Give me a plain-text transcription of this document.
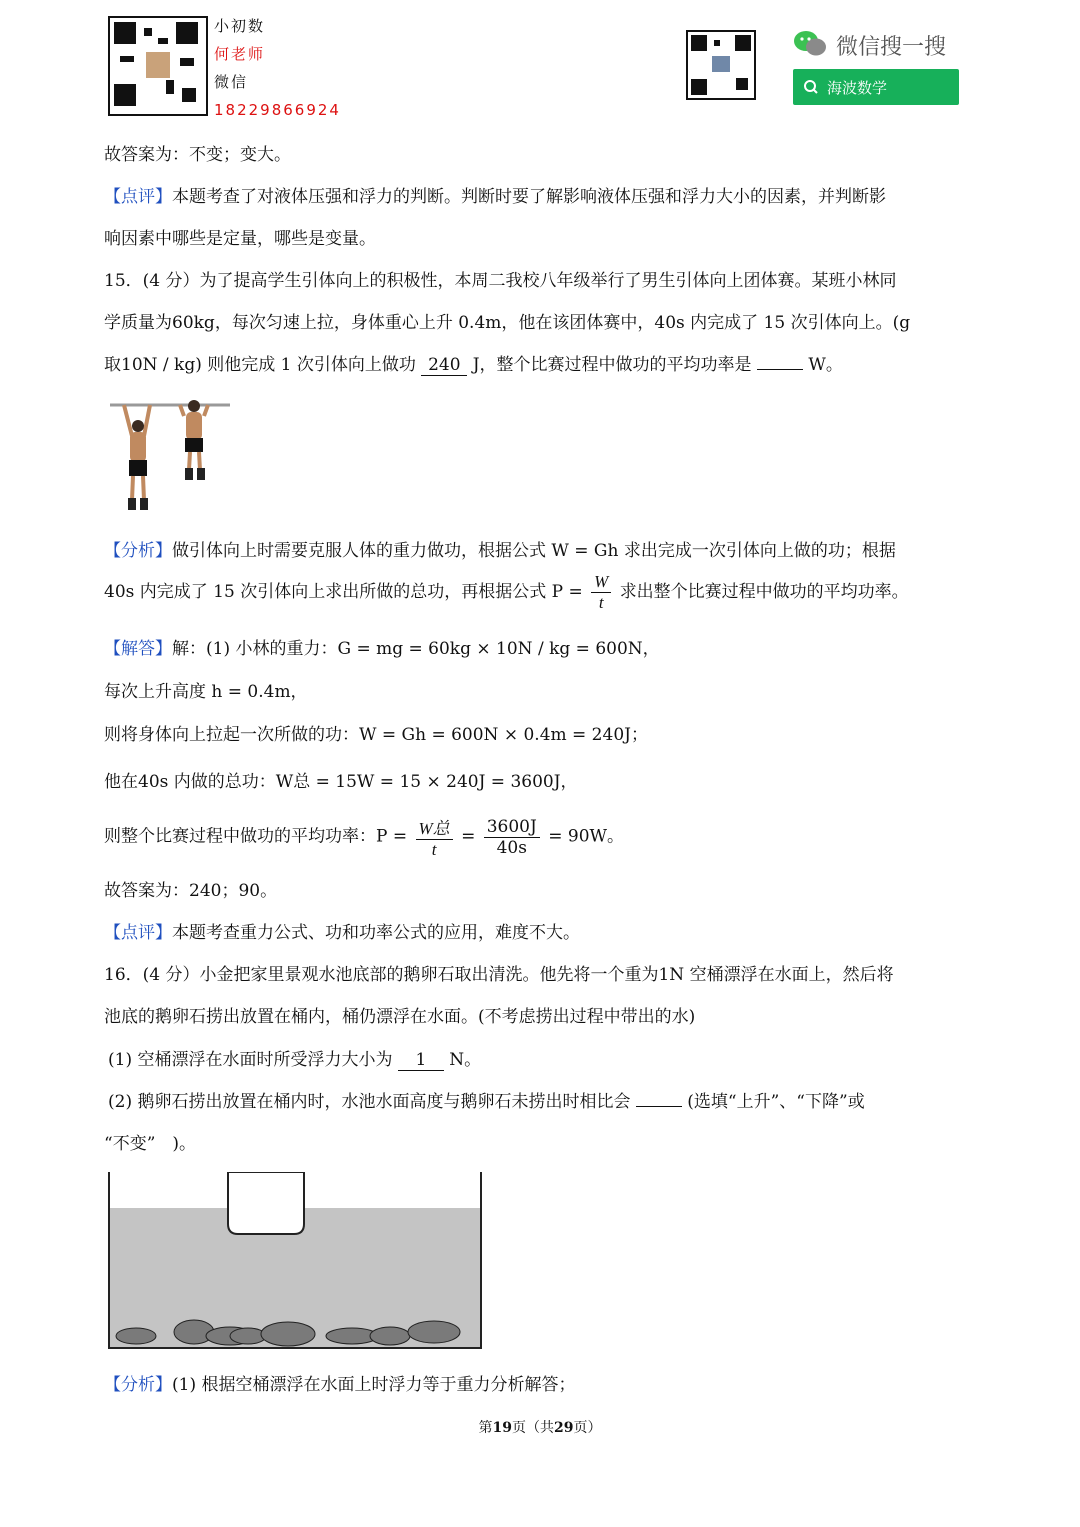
小初数
何老师
微信
18229866924
微信搜一搜
海波数学
故答案为：不变；变大。
【点评】本题考查了对液体压强和浮力的判断。判断时要了解影响液体压强和浮力大小的因素，并判断影
响因素中哪些是定量，哪些是变量。
15．(4 分）为了提高学生引体向上的积极性，本周二我校八年级举行了男生引体向上团体赛。某班小林同
学质量为60kg，每次匀速上拉，身体重心上升 0.4m，他在该团体赛中，40s 内完成了 15 次引体向上。(g
取10N / kg) 则他完成 1 次引体向上做功 240 J，整个比赛过程中做功的平均功率是	W。
【分析】做引体向上时需要克服人体的重力做功，根据公式 W = Gh 求出完成一次引体向上做的功；根据
40s 内完成了 15 次引体向上求出所做的总功，再根据公式 $P = \frac{W}{t}$ 求出整个比赛过程中做功的平均功率。
【解答】解：(1) 小林的重力：G = mg = 60kg × 10N / kg = 600N，
每次上升高度 h = 0.4m，
则将身体向上拉起一次所做的功：W = Gh = 600N × 0.4m = 240J；
他在40s 内做的总功：W总 = 15W = 15 × 240J = 3600J，
则整个比赛过程中做功的平均功率：$P = \frac{\text{W总}}{t} = \frac{3600J}{40s} = 90W$。
故答案为：240；90。
【点评】本题考查重力公式、功和功率公式的应用，难度不大。
16．(4 分）小金把家里景观水池底部的鹅卵石取出清洗。他先将一个重为1N 空桶漂浮在水面上，然后将
池底的鹅卵石捞出放置在桶内，桶仍漂浮在水面。(不考虑捞出过程中带出的水)
(1) 空桶漂浮在水面时所受浮力大小为 1 N。
(2) 鹅卵石捞出放置在桶内时，水池水面高度与鹅卵石未捞出时相比会	(选填“上升”、“下降”或
“不变”　)。
【分析】(1) 根据空桶漂浮在水面上时浮力等于重力分析解答；
第19页（共29页）
